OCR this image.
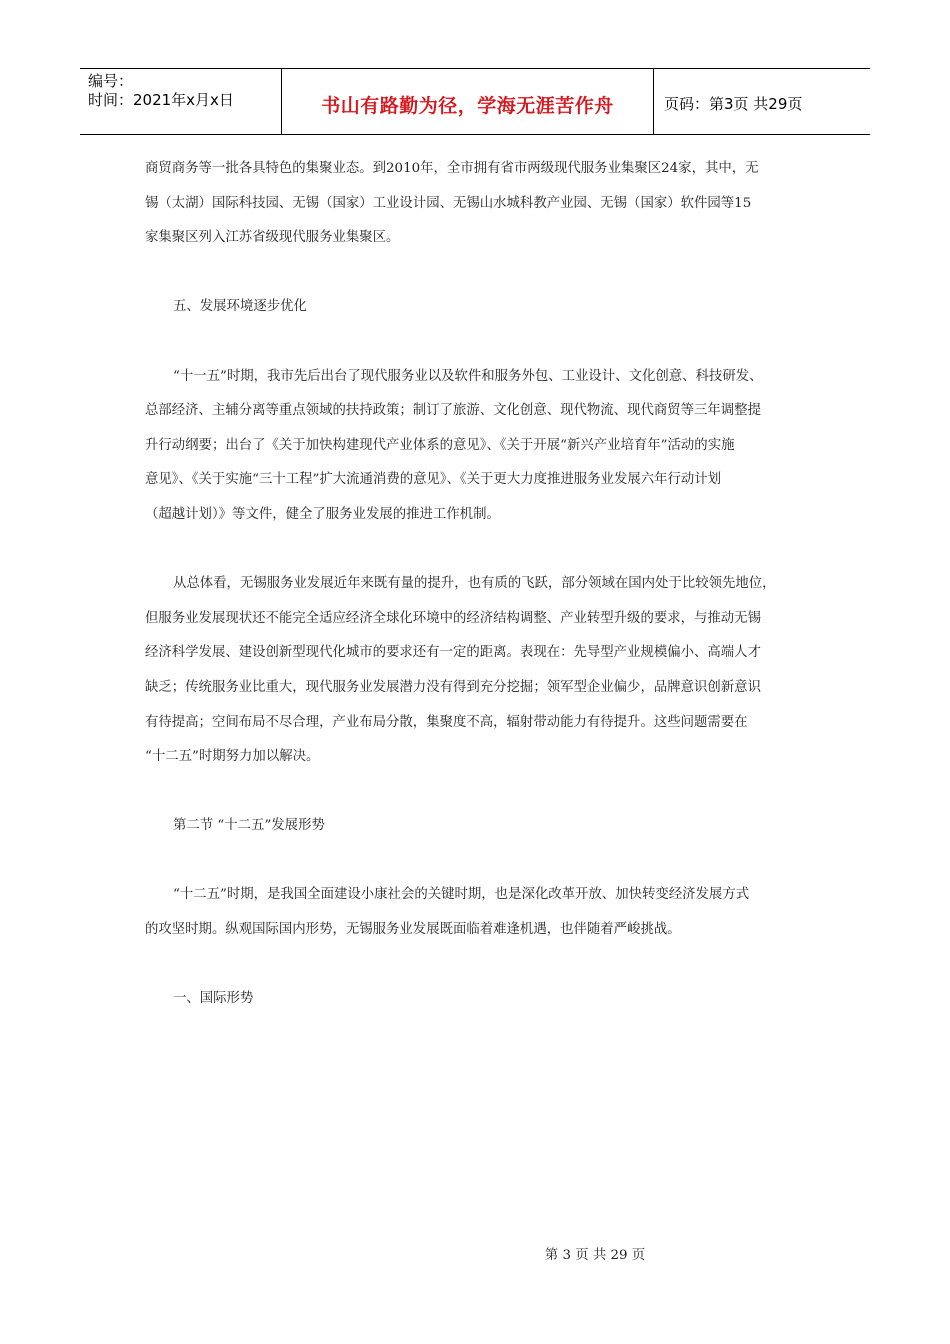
编号：
时间：2021年x月x日	书山有路勤为径，学海无涯苦作舟	页码：第3页 共29页
商贸商务等一批各具特色的集聚业态。到2010年，全市拥有省市两级现代服务业集聚区24家，其中，无
锡（太湖）国际科技园、无锡（国家）工业设计园、无锡山水城科教产业园、无锡（国家）软件园等15
家集聚区列入江苏省级现代服务业集聚区。
五、发展环境逐步优化
“十一五”时期，我市先后出台了现代服务业以及软件和服务外包、工业设计、文化创意、科技研发、
总部经济、主辅分离等重点领域的扶持政策；制订了旅游、文化创意、现代物流、现代商贸等三年调整提
升行动纲要；出台了《关于加快构建现代产业体系的意见》、《关于开展“新兴产业培育年”活动的实施
意见》、《关于实施“三十工程”扩大流通消费的意见》、《关于更大力度推进服务业发展六年行动计划
（超越计划）》等文件，健全了服务业发展的推进工作机制。
从总体看，无锡服务业发展近年来既有量的提升，也有质的飞跃，部分领域在国内处于比较领先地位，
但服务业发展现状还不能完全适应经济全球化环境中的经济结构调整、产业转型升级的要求，与推动无锡
经济科学发展、建设创新型现代化城市的要求还有一定的距离。表现在：先导型产业规模偏小、高端人才
缺乏；传统服务业比重大，现代服务业发展潜力没有得到充分挖掘；领军型企业偏少，品牌意识创新意识
有待提高；空间布局不尽合理，产业布局分散，集聚度不高，辐射带动能力有待提升。这些问题需要在
“十二五”时期努力加以解决。
第二节 “十二五”发展形势
“十二五”时期，是我国全面建设小康社会的关键时期，也是深化改革开放、加快转变经济发展方式
的攻坚时期。纵观国际国内形势，无锡服务业发展既面临着难逢机遇，也伴随着严峻挑战。
一、国际形势
第 3 页 共 29 页
